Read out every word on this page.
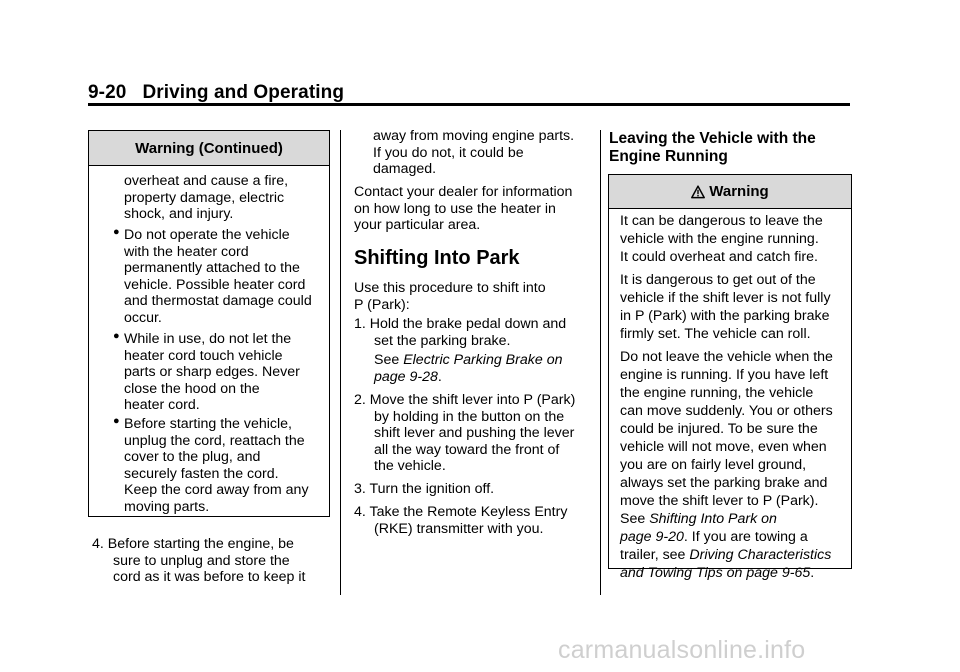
9-20 Driving and Operating
Warning (Continued)
overheat and cause a fire,
property damage, electric
shock, and injury.
● Do not operate the vehicle
with the heater cord
permanently attached to the
vehicle. Possible heater cord
and thermostat damage could
occur.
● While in use, do not let the
heater cord touch vehicle
parts or sharp edges. Never
close the hood on the
heater cord.
● Before starting the vehicle,
unplug the cord, reattach the
cover to the plug, and
securely fasten the cord.
Keep the cord away from any
moving parts.
4. Before starting the engine, be
sure to unplug and store the
cord as it was before to keep it
away from moving engine parts.
If you do not, it could be
damaged.
Contact your dealer for information
on how long to use the heater in
your particular area.
Shifting Into Park
Use this procedure to shift into
P (Park):
1. Hold the brake pedal down and
set the parking brake.
See Electric Parking Brake on
page 9-28.
2. Move the shift lever into P (Park)
by holding in the button on the
shift lever and pushing the lever
all the way toward the front of
the vehicle.
3. Turn the ignition off.
4. Take the Remote Keyless Entry
(RKE) transmitter with you.
Leaving the Vehicle with the
Engine Running
Warning
It can be dangerous to leave the
vehicle with the engine running.
It could overheat and catch fire.
It is dangerous to get out of the
vehicle if the shift lever is not fully
in P (Park) with the parking brake
firmly set. The vehicle can roll.
Do not leave the vehicle when the
engine is running. If you have left
the engine running, the vehicle
can move suddenly. You or others
could be injured. To be sure the
vehicle will not move, even when
you are on fairly level ground,
always set the parking brake and
move the shift lever to P (Park).
See Shifting Into Park on
page 9-20. If you are towing a
trailer, see Driving Characteristics
and Towing Tips on page 9-65.
carmanualsonline.info
